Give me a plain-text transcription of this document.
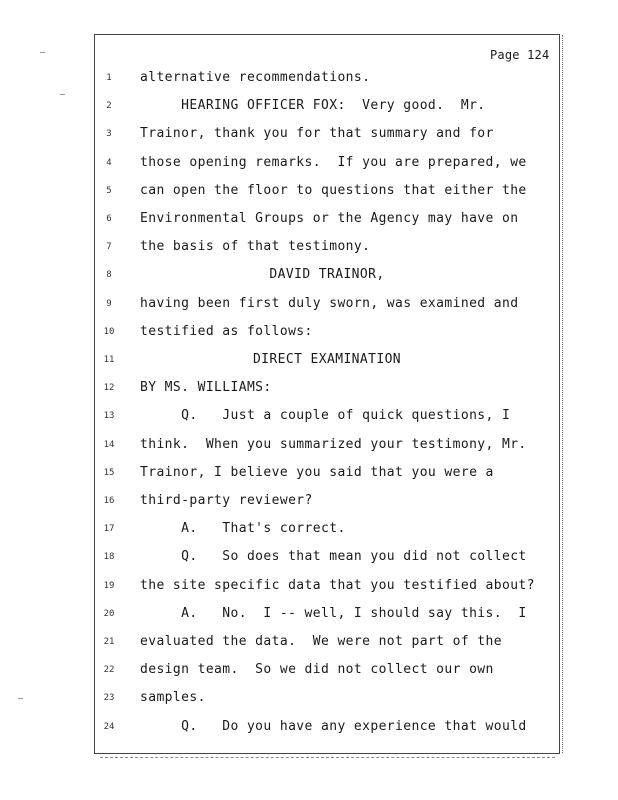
Page 124
1	alternative recommendations.
2	HEARING OFFICER FOX:  Very good.  Mr.
3	Trainor, thank you for that summary and for
4	those opening remarks.  If you are prepared, we
5	can open the floor to questions that either the
6	Environmental Groups or the Agency may have on
7	the basis of that testimony.
8	DAVID TRAINOR,
9	having been first duly sworn, was examined and
10	testified as follows:
11	DIRECT EXAMINATION
12	BY MS. WILLIAMS:
13	Q.   Just a couple of quick questions, I
14	think.  When you summarized your testimony, Mr.
15	Trainor, I believe you said that you were a
16	third-party reviewer?
17	A.   That's correct.
18	Q.   So does that mean you did not collect
19	the site specific data that you testified about?
20	A.   No.  I -- well, I should say this.  I
21	evaluated the data.  We were not part of the
22	design team.  So we did not collect our own
23	samples.
24	Q.   Do you have any experience that would
